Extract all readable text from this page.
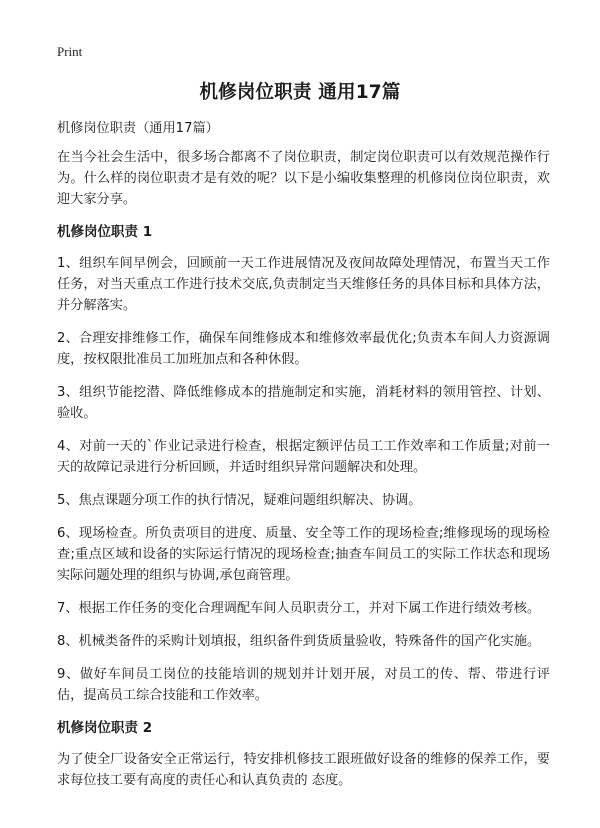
Print
机修岗位职责 通用17篇
机修岗位职责（通用17篇）

在当今社会生活中，很多场合都离不了岗位职责，制定岗位职责可以有效规范操作行为。什么样的岗位职责才是有效的呢？以下是小编收集整理的机修岗位岗位职责，欢迎大家分享。

机修岗位职责 1

1、组织车间早例会，回顾前一天工作进展情况及夜间故障处理情况，布置当天工作任务，对当天重点工作进行技术交底,负责制定当天维修任务的具体目标和具体方法，并分解落实。

2、合理安排维修工作，确保车间维修成本和维修效率最优化;负责本车间人力资源调度，按权限批准员工加班加点和各种休假。

3、组织节能挖潜、降低维修成本的措施制定和实施，消耗材料的领用管控、计划、验收。

4、对前一天的`作业记录进行检查，根据定额评估员工工作效率和工作质量;对前一天的故障记录进行分析回顾，并适时组织异常问题解决和处理。

5、焦点课题分项工作的执行情况，疑难问题组织解决、协调。

6、现场检查。所负责项目的进度、质量、安全等工作的现场检查;维修现场的现场检查;重点区域和设备的实际运行情况的现场检查;抽查车间员工的实际工作状态和现场实际问题处理的组织与协调,承包商管理。

7、根据工作任务的变化合理调配车间人员职责分工，并对下属工作进行绩效考核。

8、机械类备件的采购计划填报，组织备件到货质量验收，特殊备件的国产化实施。

9、做好车间员工岗位的技能培训的规划并计划开展，对员工的传、帮、带进行评估，提高员工综合技能和工作效率。

机修岗位职责 2

为了使全厂设备安全正常运行，特安排机修技工跟班做好设备的维修的保养工作，要求每位技工要有高度的责任心和认真负责的 态度。
